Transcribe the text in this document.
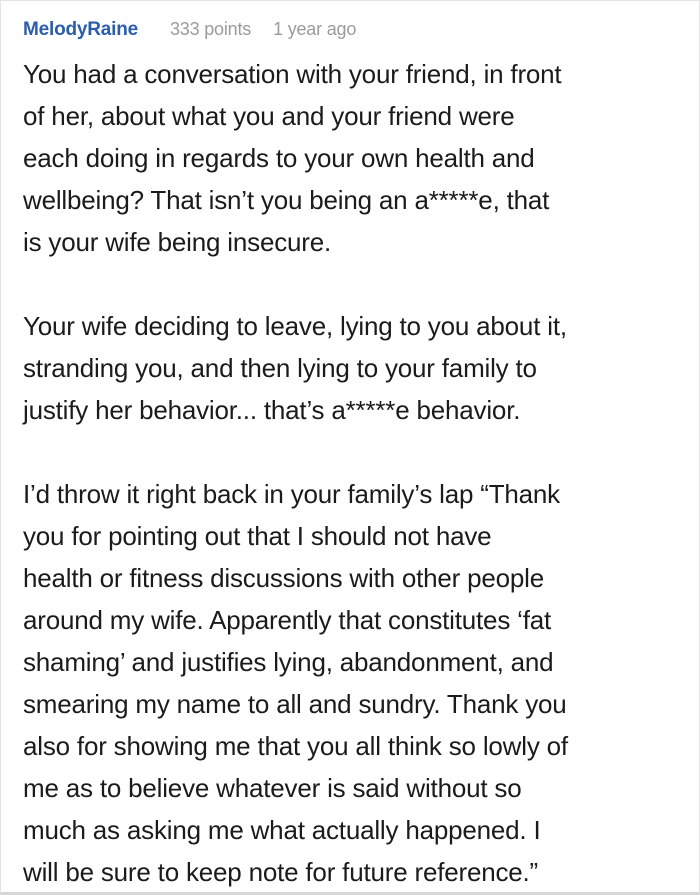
MelodyRaine 333 points 1 year ago
You had a conversation with your friend, in front
of her, about what you and your friend were
each doing in regards to your own health and
wellbeing? That isn’t you being an a*****e, that
is your wife being insecure.
Your wife deciding to leave, lying to you about it,
stranding you, and then lying to your family to
justify her behavior... that’s a*****e behavior.
I’d throw it right back in your family’s lap “Thank
you for pointing out that I should not have
health or fitness discussions with other people
around my wife. Apparently that constitutes ‘fat
shaming’ and justifies lying, abandonment, and
smearing my name to all and sundry. Thank you
also for showing me that you all think so lowly of
me as to believe whatever is said without so
much as asking me what actually happened. I
will be sure to keep note for future reference.”
